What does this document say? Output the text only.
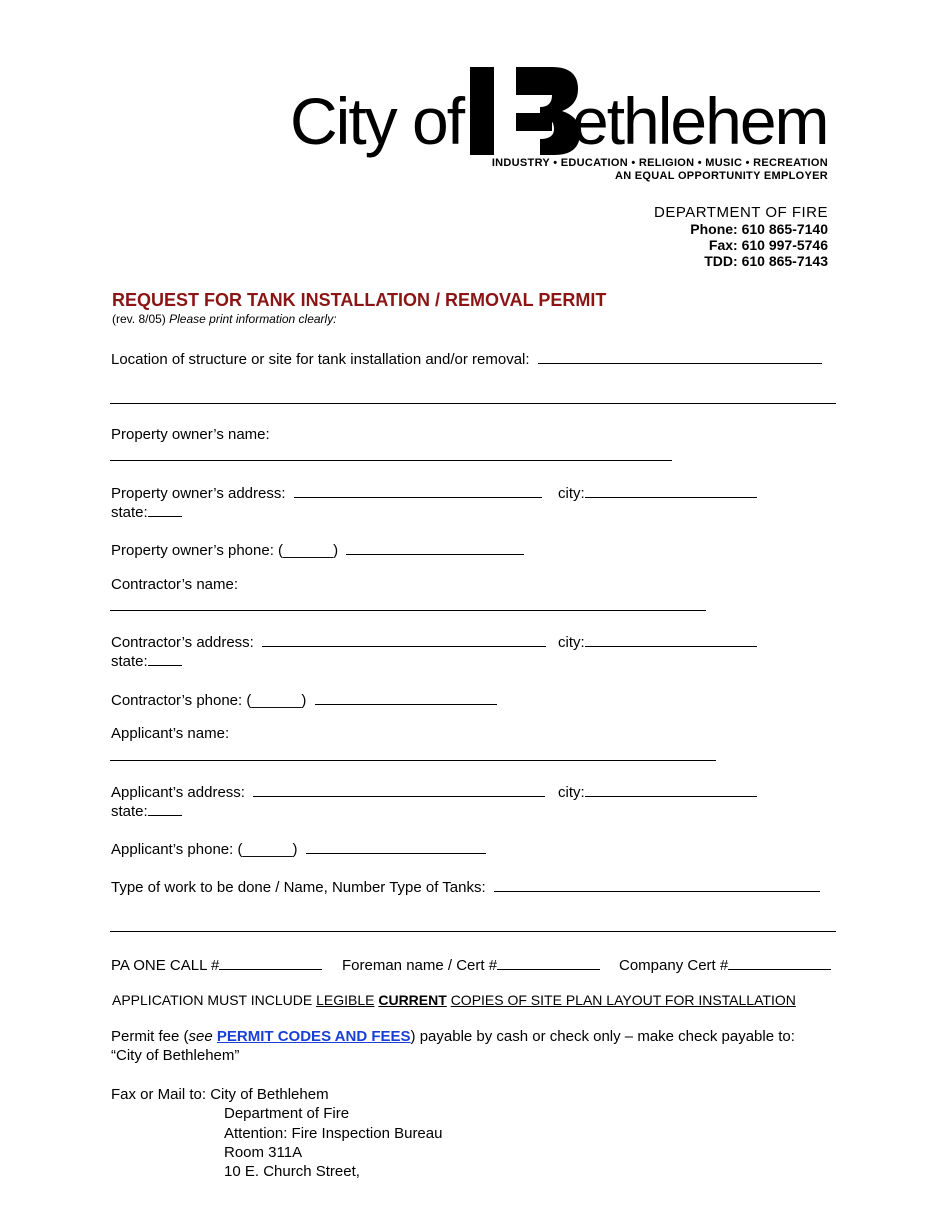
City of ethlehem
INDUSTRY • EDUCATION • RELIGION • MUSIC • RECREATION
AN EQUAL OPPORTUNITY EMPLOYER
DEPARTMENT OF FIRE
Phone: 610 865-7140
Fax: 610 997-5746
TDD: 610 865-7143
REQUEST FOR TANK INSTALLATION / REMOVAL PERMIT
(rev. 8/05) Please print information clearly:
Location of structure or site for tank installation and/or removal:
Property owner’s name:
Property owner’s address:	city:
state:
Property owner’s phone: (______)
Contractor’s name:
Contractor’s address:	city:
state:
Contractor’s phone: (______)
Applicant’s name:
Applicant’s address:	city:
state:
Applicant’s phone: (______)
Type of work to be done / Name, Number Type of Tanks:
PA ONE CALL #	Foreman name / Cert #	Company Cert #
APPLICATION MUST INCLUDE LEGIBLE CURRENT COPIES OF SITE PLAN LAYOUT FOR INSTALLATION
Permit fee (see PERMIT CODES AND FEES) payable by cash or check only – make check payable to:
“City of Bethlehem”
Fax or Mail to: City of Bethlehem
Department of Fire
Attention: Fire Inspection Bureau
Room 311A
10 E. Church Street,
